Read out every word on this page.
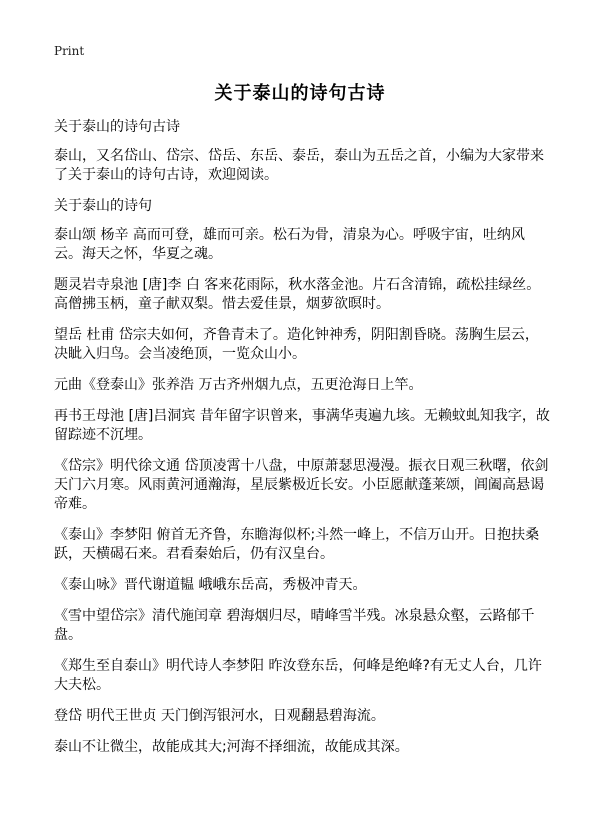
Print
关于泰山的诗句古诗

关于泰山的诗句古诗

泰山，又名岱山、岱宗、岱岳、东岳、泰岳，泰山为五岳之首，小编为大家带来了关于泰山的诗句古诗，欢迎阅读。

关于泰山的诗句

泰山颂 杨辛 高而可登，雄而可亲。松石为骨，清泉为心。呼吸宇宙，吐纳风云。海天之怀，华夏之魂。

题灵岩寺泉池 [唐]李 白 客来花雨际，秋水落金池。片石含清锦，疏松挂绿丝。高僧拂玉柄，童子献双梨。惜去爱佳景，烟萝欲暝时。

望岳 杜甫 岱宗夫如何，齐鲁青未了。造化钟神秀，阴阳割昏晓。荡胸生层云，决眦入归鸟。会当凌绝顶，一览众山小。

元曲《登泰山》张养浩 万古齐州烟九点，五更沧海日上竿。

再书王母池 [唐]吕洞宾 昔年留字识曾来，事满华夷遍九垓。无赖蚊虬知我字，故留踪迹不沉埋。

《岱宗》明代徐文通 岱顶凌霄十八盘，中原萧瑟思漫漫。振衣日观三秋曙，依剑天门六月寒。风雨黄河通瀚海，星辰紫极近长安。小臣愿献蓬莱颂，阊阖高悬谒帝难。

《泰山》李梦阳 俯首无齐鲁，东瞻海似杯;斗然一峰上，不信万山开。日抱扶桑跃，天横碣石来。君看秦始后，仍有汉皇台。

《泰山咏》晋代谢道韫 峨峨东岳高，秀极冲青天。

《雪中望岱宗》清代施闰章 碧海烟归尽，晴峰雪半残。冰泉悬众壑，云路郁千盘。

《郑生至自泰山》明代诗人李梦阳 昨汝登东岳，何峰是绝峰?有无丈人台，几许大夫松。

登岱 明代王世贞 天门倒泻银河水，日观翻悬碧海流。

泰山不让微尘，故能成其大;河海不择细流，故能成其深。
